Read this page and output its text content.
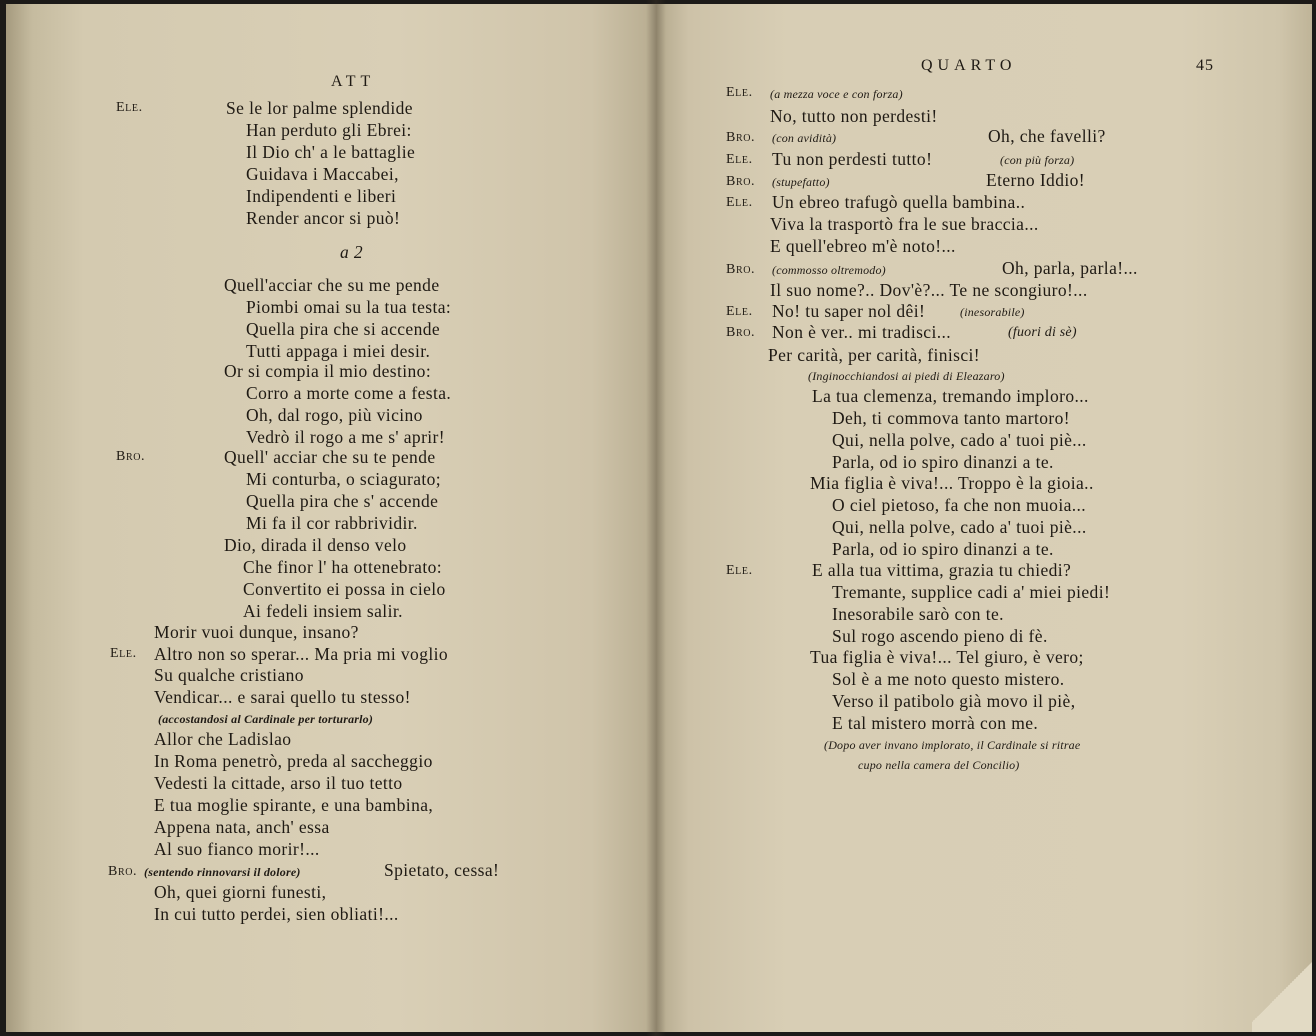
ATT
Ele.	Se le lor palme splendide
Han perduto gli Ebrei:
Il Dio ch' a le battaglie
Guidava i Maccabei,
Indipendenti e liberi
Render ancor si può!
a 2
Quell'acciar che su me pende
Piombi omai su la tua testa:
Quella pira che si accende
Tutti appaga i miei desir.
Or si compia il mio destino:
Corro a morte come a festa.
Oh, dal rogo, più vicino
Vedrò il rogo a me s' aprir!
Bro.	Quell' acciar che su te pende
Mi conturba, o sciagurato;
Quella pira che s' accende
Mi fa il cor rabbrividir.
Dio, dirada il denso velo
Che finor l' ha ottenebrato:
Convertito ei possa in cielo
Ai fedeli insiem salir.
Morir vuoi dunque, insano?
Ele. Altro non so sperar... Ma pria mi voglio
Su qualche cristiano
Vendicar... e sarai quello tu stesso!
(accostandosi al Cardinale per torturarlo)
Allor che Ladislao
In Roma penetrò, preda al saccheggio
Vedesti la cittade, arso il tuo tetto
E tua moglie spirante, e una bambina,
Appena nata, anch' essa
Al suo fianco morir!...
Bro. (sentendo rinnovarsi il dolore)	Spietato, cessa!
Oh, quei giorni funesti,
In cui tutto perdei, sien obliati!...
QUARTO	45
Ele. (a mezza voce e con forza)
No, tutto non perdesti!
Bro. (con avidità)	Oh, che favelli?
Ele. Tu non perdesti tutto!	(con più forza)
Bro. (stupefatto)	Eterno Iddio!
Ele. Un ebreo trafugò quella bambina..
Viva la trasportò fra le sue braccia...
E quell'ebreo m'è noto!...
Bro. (commosso oltremodo)	Oh, parla, parla!...
Il suo nome?.. Dov'è?... Te ne scongiuro!...
Ele. No! tu saper nol dêi!	(inesorabile)
Bro. Non è ver.. mi tradisci...	(fuori di sè)
Per carità, per carità, finisci!
(Inginocchiandosi ai piedi di Eleazaro)
La tua clemenza, tremando imploro...
Deh, ti commova tanto martoro!
Qui, nella polve, cado a' tuoi piè...
Parla, od io spiro dinanzi a te.
Mia figlia è viva!... Troppo è la gioia..
O ciel pietoso, fa che non muoia...
Qui, nella polve, cado a' tuoi piè...
Parla, od io spiro dinanzi a te.
Ele.	E alla tua vittima, grazia tu chiedi?
Tremante, supplice cadi a' miei piedi!
Inesorabile sarò con te.
Sul rogo ascendo pieno di fè.
Tua figlia è viva!... Tel giuro, è vero;
Sol è a me noto questo mistero.
Verso il patibolo già movo il piè,
E tal mistero morrà con me.
(Dopo aver invano implorato, il Cardinale si ritrae
cupo nella camera del Concilio)
